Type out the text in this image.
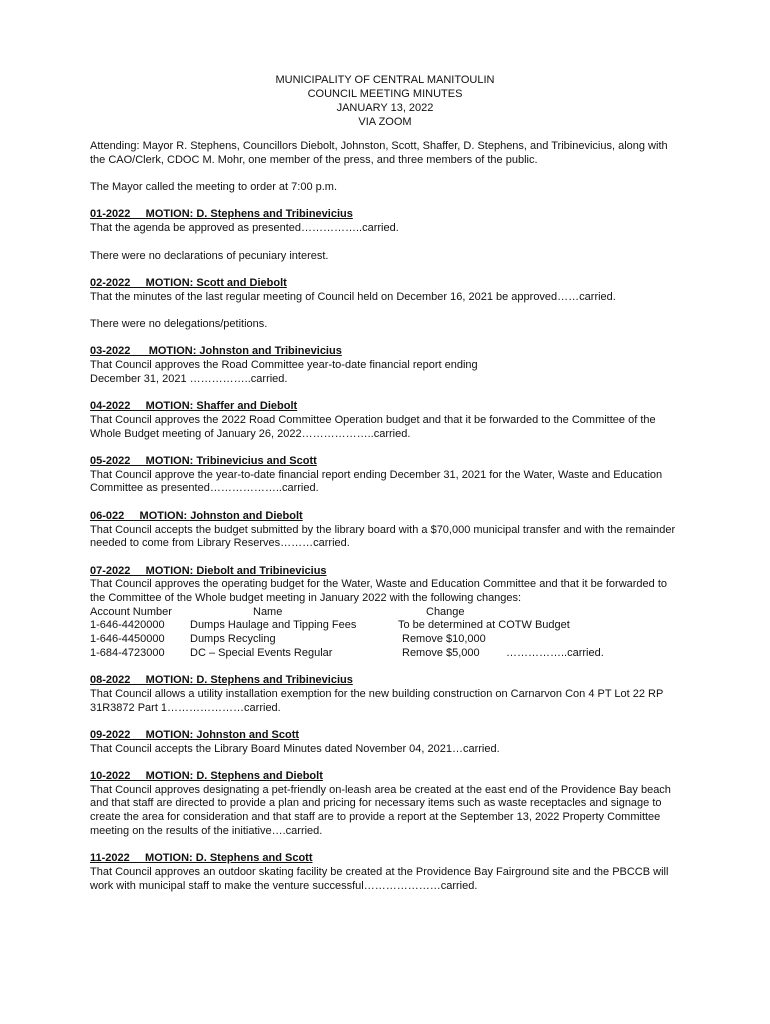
MUNICIPALITY OF CENTRAL MANITOULIN
COUNCIL MEETING MINUTES
JANUARY 13, 2022
VIA ZOOM

Attending: Mayor R. Stephens, Councillors Diebolt, Johnston, Scott, Shaffer, D. Stephens, and Tribinevicius, along with the CAO/Clerk, CDOC M. Mohr, one member of the press, and three members of the public.

The Mayor called the meeting to order at 7:00 p.m.

01-2022     MOTION: D. Stephens and Tribinevicius
That the agenda be approved as presented……………..carried.

There were no declarations of pecuniary interest.

02-2022     MOTION: Scott and Diebolt
That the minutes of the last regular meeting of Council held on December 16, 2021 be approved……carried.

There were no delegations/petitions.

03-2022      MOTION: Johnston and Tribinevicius
That Council approves the Road Committee year-to-date financial report ending
December 31, 2021 ……………..carried.
04-2022     MOTION: Shaffer and Diebolt
That Council approves the 2022 Road Committee Operation budget and that it be forwarded to the Committee of the Whole Budget meeting of January 26, 2022………………..carried.
05-2022     MOTION: Tribinevicius and Scott
That Council approve the year-to-date financial report ending December 31, 2021 for the Water, Waste and Education Committee as presented………………..carried.
06-022     MOTION: Johnston and Diebolt
That Council accepts the budget submitted by the library board with a $70,000 municipal transfer and with the remainder needed to come from Library Reserves………carried.
07-2022     MOTION: Diebolt and Tribinevicius
That Council approves the operating budget for the Water, Waste and Education Committee and that it be forwarded to the Committee of the Whole budget meeting in January 2022 with the following changes:
Account Number	Name	Change
1-646-4420000 Dumps Haulage and Tipping Fees	To be determined at COTW Budget
1-646-4450000 Dumps Recycling	Remove $10,000
1-684-4723000 DC – Special Events Regular	Remove $5,000 ……………..carried.
08-2022     MOTION: D. Stephens and Tribinevicius
That Council allows a utility installation exemption for the new building construction on Carnarvon Con 4 PT Lot 22 RP 31R3872 Part 1…………………carried.
09-2022     MOTION: Johnston and Scott
That Council accepts the Library Board Minutes dated November 04, 2021…carried.
10-2022     MOTION: D. Stephens and Diebolt
That Council approves designating a pet-friendly on-leash area be created at the east end of the Providence Bay beach and that staff are directed to provide a plan and pricing for necessary items such as waste receptacles and signage to create the area for consideration and that staff are to provide a report at the September 13, 2022 Property Committee meeting on the results of the initiative….carried.
11-2022     MOTION: D. Stephens and Scott
That Council approves an outdoor skating facility be created at the Providence Bay Fairground site and the PBCCB will work with municipal staff to make the venture successful…………………carried.
